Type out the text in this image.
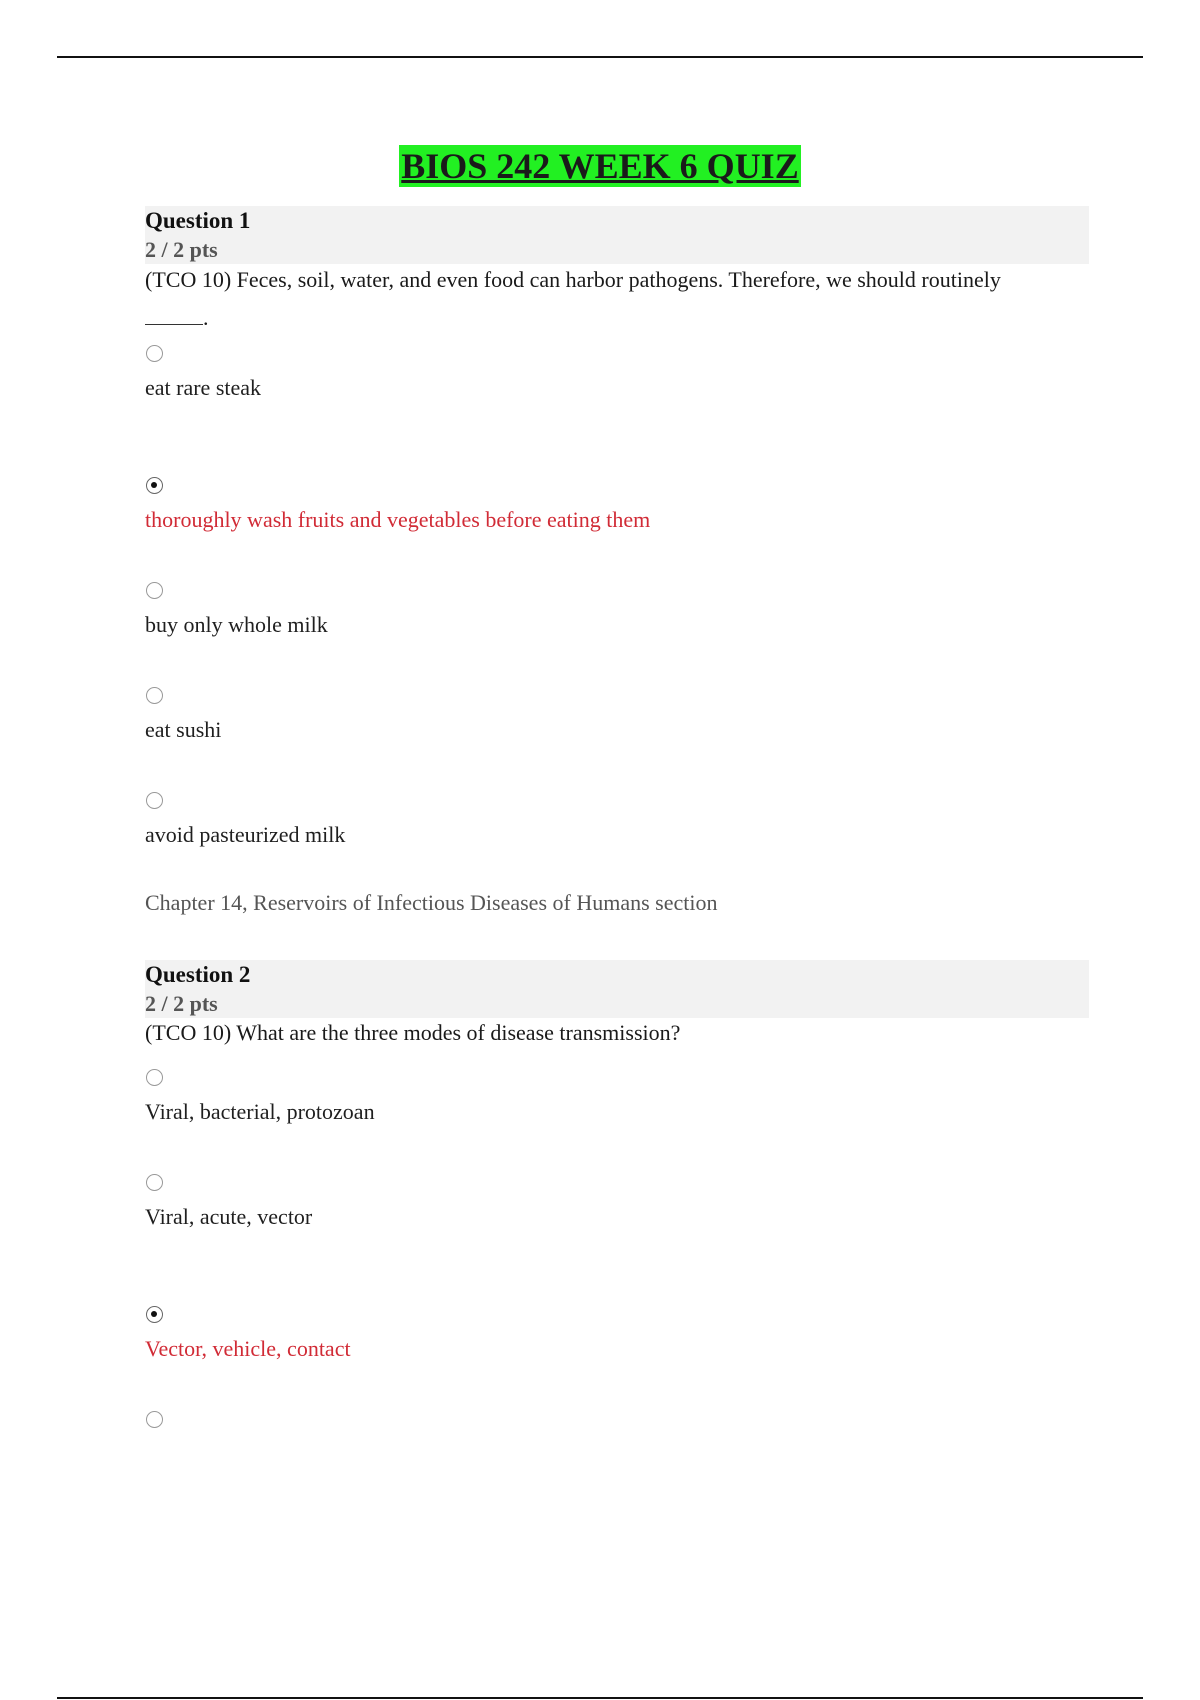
BIOS 242 WEEK 6 QUIZ
Question 1
2 / 2 pts
(TCO 10) Feces, soil, water, and even food can harbor pathogens. Therefore, we should routinely
.
eat rare steak
thoroughly wash fruits and vegetables before eating them
buy only whole milk
eat sushi
avoid pasteurized milk
Chapter 14, Reservoirs of Infectious Diseases of Humans section
Question 2
2 / 2 pts
(TCO 10) What are the three modes of disease transmission?
Viral, bacterial, protozoan
Viral, acute, vector
Vector, vehicle, contact
